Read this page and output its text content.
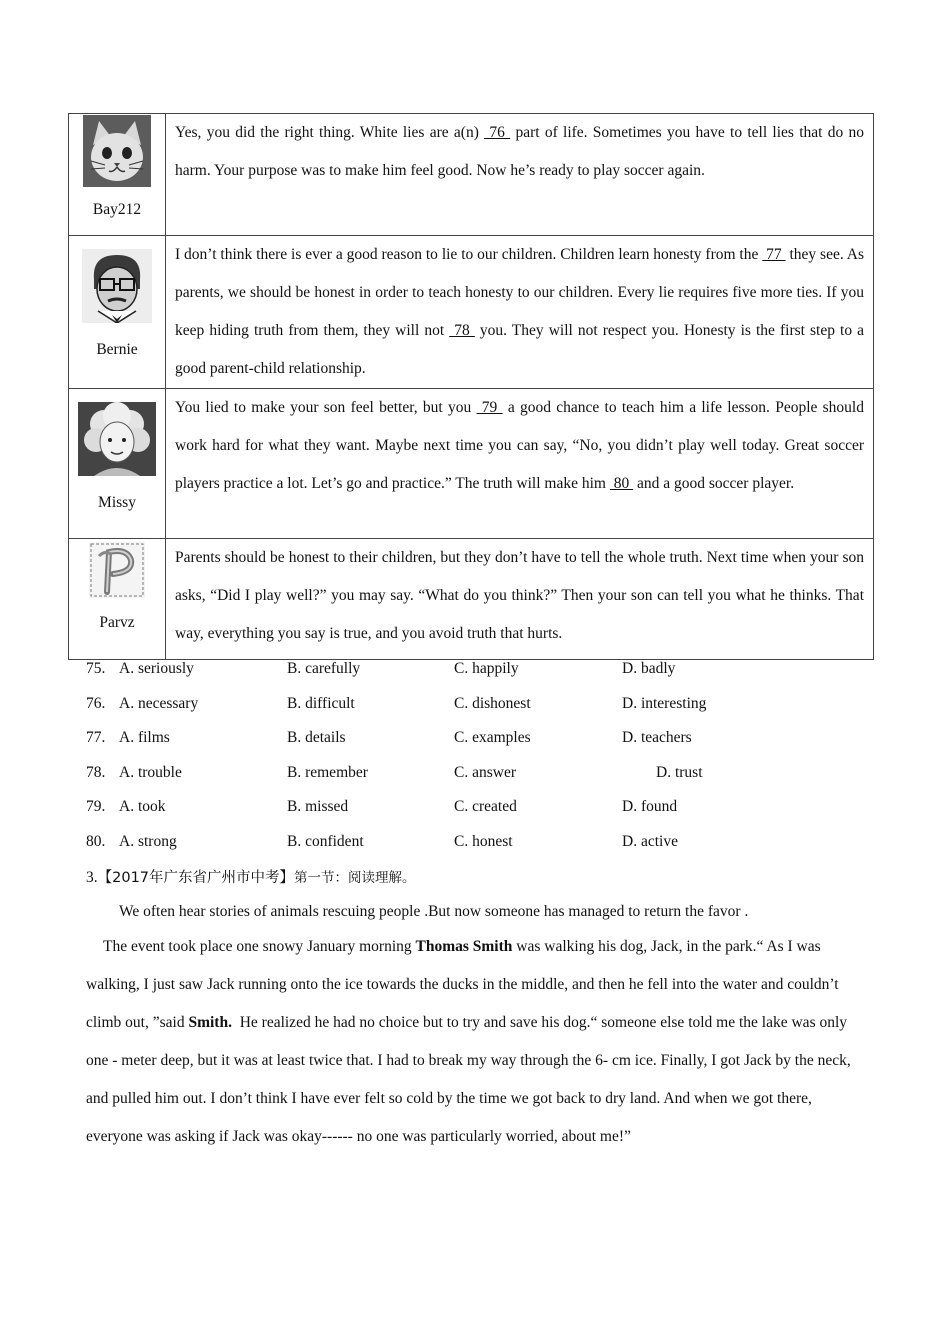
Bay212	Yes, you did the right thing. White lies are a(n)  76  part of life. Sometimes you have to tell lies that do no harm. Your purpose was to make him feel good. Now he’s ready to play soccer again.

Bernie	I don’t think there is ever a good reason to lie to our children. Children learn honesty from the  77  they see. As parents, we should be honest in order to teach honesty to our children. Every lie requires five more ties. If you keep hiding truth from them, they will not  78  you. They will not respect you. Honesty is the first step to a good parent-child relationship.

Missy	You lied to make your son feel better, but you  79  a good chance to teach him a life lesson. People should work hard for what they want. Maybe next time you can say, “No, you didn’t play well today. Great soccer players practice a lot. Let’s go and practice.” The truth will make him  80  and a good soccer player.

Parvz	Parents should be honest to their children, but they don’t have to tell the whole truth. Next time when your son asks, “Did I play well?” you may say. “What do you think?” Then your son can tell you what he thinks. That way, everything you say is true, and you avoid truth that hurts.
75. A. seriously	B. carefully	C. happily	D. badly
76. A. necessary	B. difficult	C. dishonest	D. interesting
77. A. films	B. details	C. examples	D. teachers
78. A. trouble	B. remember	C. answer	D. trust
79. A. took	B. missed	C. created	D. found
80. A. strong	B. confident	C. honest	D. active
3.【2017年广东省广州市中考】第一节：阅读理解。
We often hear stories of animals rescuing people .But now someone has managed to return the favor .
The event took place one snowy January morning Thomas Smith was walking his dog, Jack, in the park.“ As I was walking, I just saw Jack running onto the ice towards the ducks in the middle, and then he fell into the water and couldn’t climb out, ”said Smith.  He realized he had no choice but to try and save his dog.“ someone else told me the lake was only one - meter deep, but it was at least twice that. I had to break my way through the 6- cm ice. Finally, I got Jack by the neck, and pulled him out. I don’t think I have ever felt so cold by the time we got back to dry land. And when we got there, everyone was asking if Jack was okay------ no one was particularly worried, about me!”
